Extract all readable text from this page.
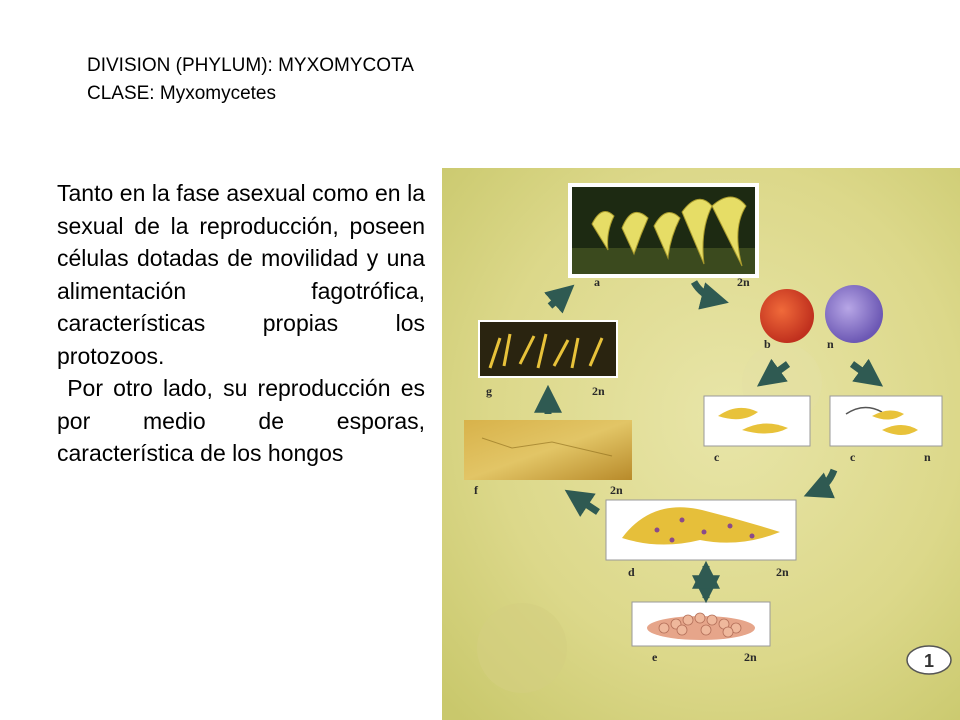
DIVISION (PHYLUM): MYXOMYCOTA
CLASE: Myxomycetes

Tanto en la fase asexual como en la sexual de la reproducción, poseen células dotadas de movilidad y una alimentación fagotrófica, características propias los protozoos.

Por otro lado, su reproducción es por medio de esporas, característica de los hongos

a	2n
b	n
c	c	n
d	2n
e	2n
f	2n
g	2n
1
